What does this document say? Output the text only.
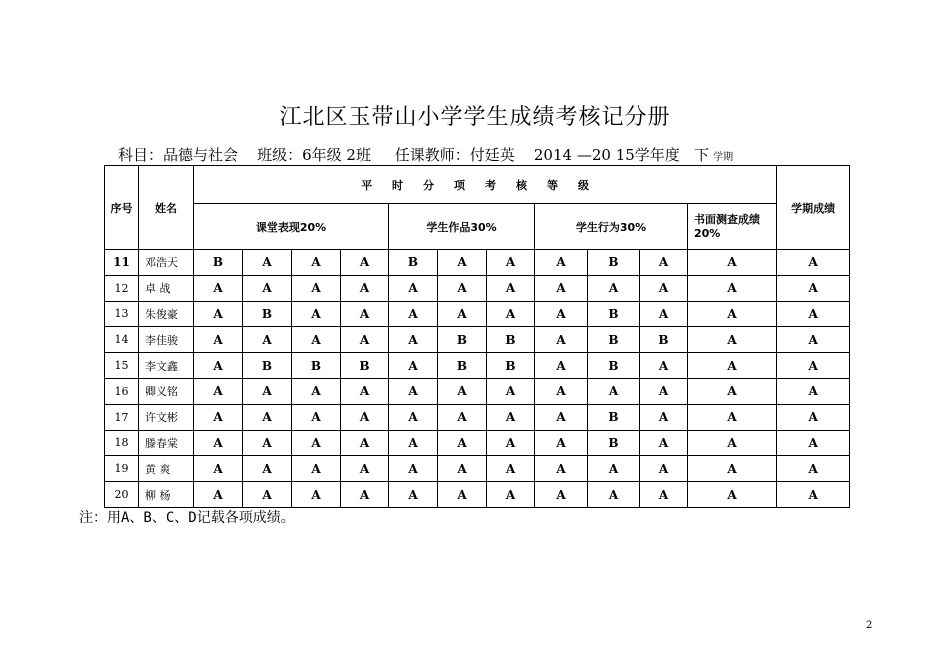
江北区玉带山小学学生成绩考核记分册
科目：品德与社会 班级：6年级 2班 任课教师：付廷英 2014 —20 15学年度 下 学期
序号	姓名	平时分项考核等级											学期成绩
		课堂表现20%				学生作品30%			学生行为30%			书面测查成绩20%	
11	邓浩天	B	A	A	A	B	A	A	A	B	A	A	A
12	卓 战	A	A	A	A	A	A	A	A	A	A	A	A
13	朱俊豪	A	B	A	A	A	A	A	A	B	A	A	A
14	李佳骏	A	A	A	A	A	B	B	A	B	B	A	A
15	李文鑫	A	B	B	B	A	B	B	A	B	A	A	A
16	卿义铭	A	A	A	A	A	A	A	A	A	A	A	A
17	许文彬	A	A	A	A	A	A	A	A	B	A	A	A
18	滕春棠	A	A	A	A	A	A	A	A	B	A	A	A
19	黄 爽	A	A	A	A	A	A	A	A	A	A	A	A
20	柳 杨	A	A	A	A	A	A	A	A	A	A	A	A
注：用A、B、C、D记载各项成绩。
2
